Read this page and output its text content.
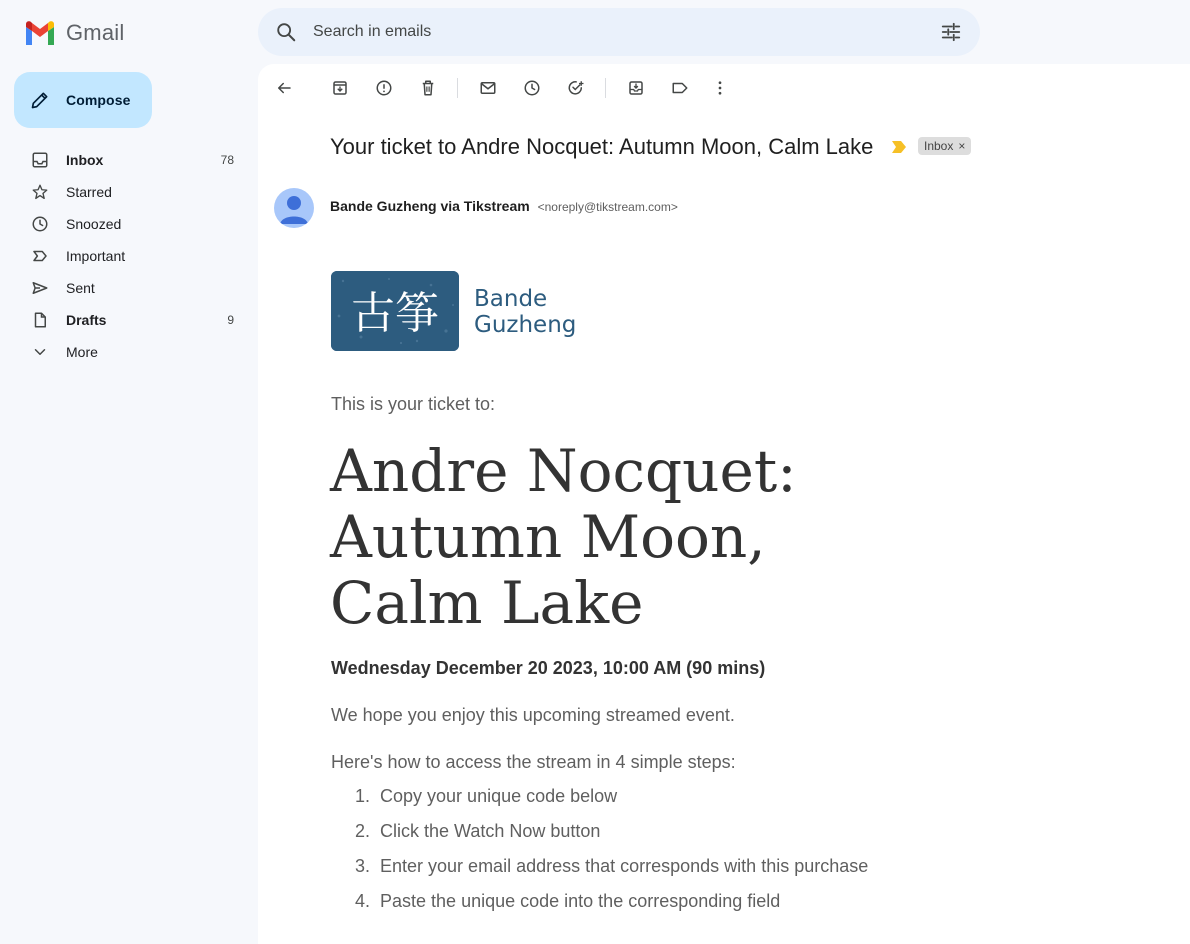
Gmail	Search in emails
Compose
Inbox	78
Starred
Snoozed
Important
Sent
Drafts	9
More
Your ticket to Andre Nocquet: Autumn Moon, Calm Lake	Inbox ×
Bande Guzheng via Tikstream <noreply@tikstream.com>
古筝 Bande
Guzheng
This is your ticket to:
Andre Nocquet: Autumn Moon, Calm Lake
Wednesday December 20 2023, 10:00 AM (90 mins)
We hope you enjoy this upcoming streamed event.
Here's how to access the stream in 4 simple steps:
1.
Copy your unique code below
2.
Click the Watch Now button
3.
Enter your email address that corresponds with this purchase
4.
Paste the unique code into the corresponding field
